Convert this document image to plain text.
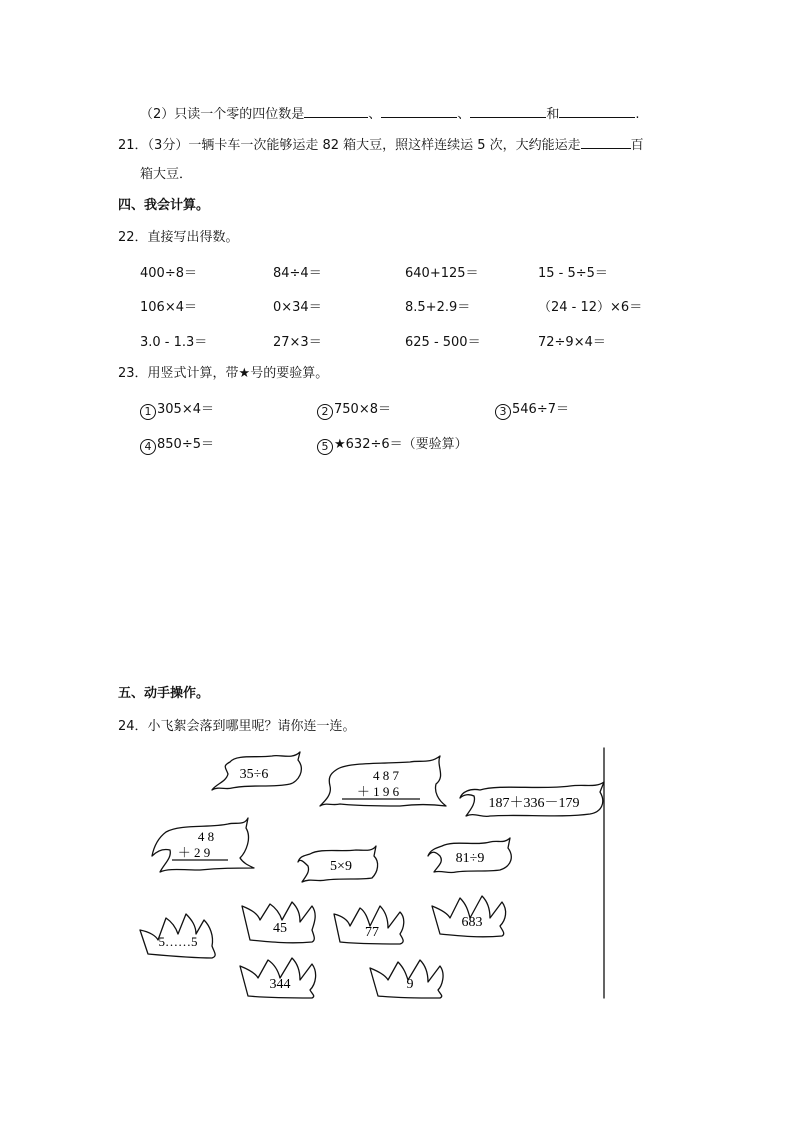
（2）只读一个零的四位数是	、	、	和	.
21．（3分）一辆卡车一次能够运走 82 箱大豆，照这样连续运 5 次，大约能运走	百
箱大豆．
四、我会计算。
22．直接写出得数。
400÷8＝	84÷4＝	640+125＝	15 - 5÷5＝
106×4＝	0×34＝	8.5+2.9＝	（24 - 12）×6＝
3.0 - 1.3＝	27×3＝	625 - 500＝	72÷9×4＝
23．用竖式计算，带★号的要验算。
1 305×4＝	2 750×8＝	3 546÷7＝
4 850÷5＝	5 ★632÷6＝（要验算）
五、动手操作。
24．小飞絮会落到哪里呢？请你连一连。
35÷6	4 8 7
＋ 1 9 6
187＋336－179
4 8
＋ 2 9
5×9
81÷9
5……5
45	77
683
344	9
